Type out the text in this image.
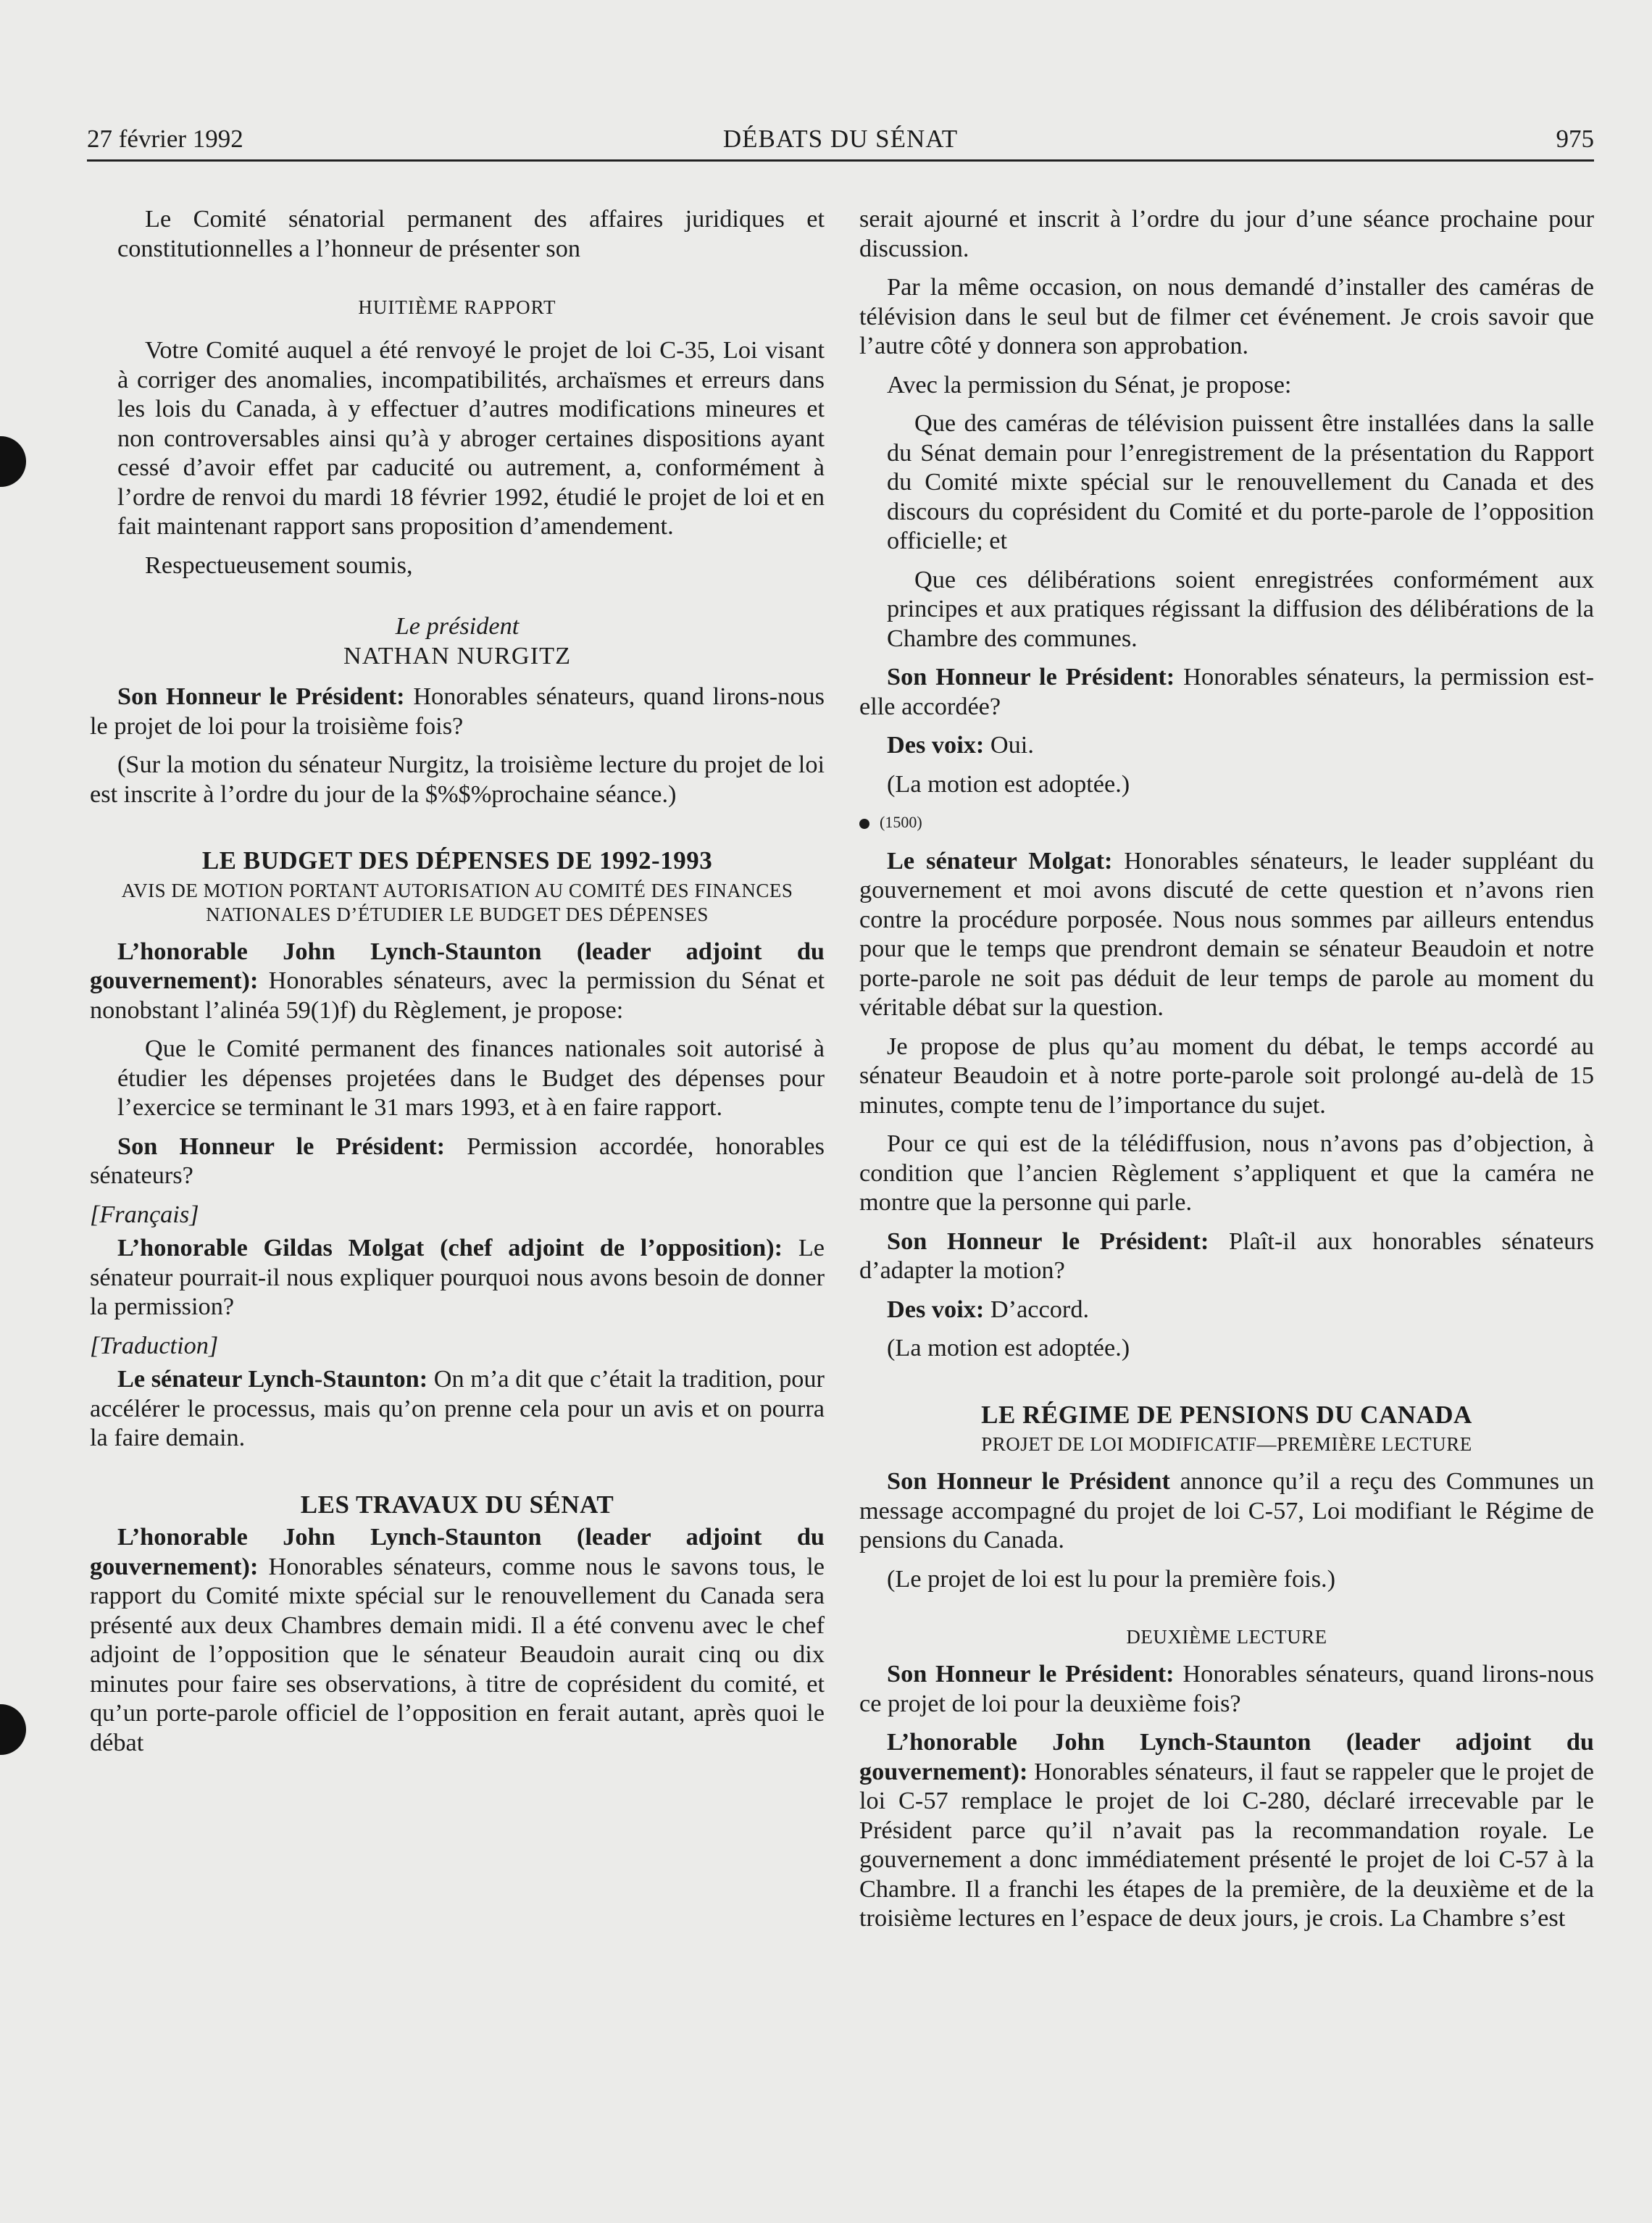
27 février 1992	DÉBATS DU SÉNAT	975

Le Comité sénatorial permanent des affaires juridiques et constitutionnelles a l’honneur de présenter son

HUITIÈME RAPPORT

Votre Comité auquel a été renvoyé le projet de loi C-35, Loi visant à corriger des anomalies, incompatibilités, archaïsmes et erreurs dans les lois du Canada, à y effectuer d’autres modifications mineures et non controversables ainsi qu’à y abroger certaines dispositions ayant cessé d’avoir effet par caducité ou autrement, a, conformément à l’ordre de renvoi du mardi 18 février 1992, étudié le projet de loi et en fait maintenant rapport sans proposition d’amendement.

Respectueusement soumis,

Le président
NATHAN NURGITZ

Son Honneur le Président: Honorables sénateurs, quand lirons-nous le projet de loi pour la troisième fois?

(Sur la motion du sénateur Nurgitz, la troisième lecture du projet de loi est inscrite à l’ordre du jour de la $%$%prochaine séance.)

LE BUDGET DES DÉPENSES DE 1992-1993
AVIS DE MOTION PORTANT AUTORISATION AU COMITÉ DES FINANCES NATIONALES D’ÉTUDIER LE BUDGET DES DÉPENSES

L’honorable John Lynch-Staunton (leader adjoint du gouvernement): Honorables sénateurs, avec la permission du Sénat et nonobstant l’alinéa 59(1)f) du Règlement, je propose:

Que le Comité permanent des finances nationales soit autorisé à étudier les dépenses projetées dans le Budget des dépenses pour l’exercice se terminant le 31 mars 1993, et à en faire rapport.

Son Honneur le Président: Permission accordée, honorables sénateurs?

[Français]

L’honorable Gildas Molgat (chef adjoint de l’opposition): Le sénateur pourrait-il nous expliquer pourquoi nous avons besoin de donner la permission?

[Traduction]

Le sénateur Lynch-Staunton: On m’a dit que c’était la tradition, pour accélérer le processus, mais qu’on prenne cela pour un avis et on pourra la faire demain.

LES TRAVAUX DU SÉNAT

L’honorable John Lynch-Staunton (leader adjoint du gouvernement): Honorables sénateurs, comme nous le savons tous, le rapport du Comité mixte spécial sur le renouvellement du Canada sera présenté aux deux Chambres demain midi. Il a été convenu avec le chef adjoint de l’opposition que le sénateur Beaudoin aurait cinq ou dix minutes pour faire ses observations, à titre de coprésident du comité, et qu’un porte-parole officiel de l’opposition en ferait autant, après quoi le débat

serait ajourné et inscrit à l’ordre du jour d’une séance prochaine pour discussion.

Par la même occasion, on nous demandé d’installer des caméras de télévision dans le seul but de filmer cet événement. Je crois savoir que l’autre côté y donnera son approbation.

Avec la permission du Sénat, je propose:

Que des caméras de télévision puissent être installées dans la salle du Sénat demain pour l’enregistrement de la présentation du Rapport du Comité mixte spécial sur le renouvellement du Canada et des discours du coprésident du Comité et du porte-parole de l’opposition officielle; et

Que ces délibérations soient enregistrées conformément aux principes et aux pratiques régissant la diffusion des délibérations de la Chambre des communes.

Son Honneur le Président: Honorables sénateurs, la permission est-elle accordée?

Des voix: Oui.

(La motion est adoptée.)

(1500)

Le sénateur Molgat: Honorables sénateurs, le leader suppléant du gouvernement et moi avons discuté de cette question et n’avons rien contre la procédure porposée. Nous nous sommes par ailleurs entendus pour que le temps que prendront demain se sénateur Beaudoin et notre porte-parole ne soit pas déduit de leur temps de parole au moment du véritable débat sur la question.

Je propose de plus qu’au moment du débat, le temps accordé au sénateur Beaudoin et à notre porte-parole soit prolongé au-delà de 15 minutes, compte tenu de l’importance du sujet.

Pour ce qui est de la télédiffusion, nous n’avons pas d’objection, à condition que l’ancien Règlement s’appliquent et que la caméra ne montre que la personne qui parle.

Son Honneur le Président: Plaît-il aux honorables sénateurs d’adapter la motion?

Des voix: D’accord.

(La motion est adoptée.)

LE RÉGIME DE PENSIONS DU CANADA
PROJET DE LOI MODIFICATIF—PREMIÈRE LECTURE

Son Honneur le Président annonce qu’il a reçu des Communes un message accompagné du projet de loi C-57, Loi modifiant le Régime de pensions du Canada.

(Le projet de loi est lu pour la première fois.)

DEUXIÈME LECTURE

Son Honneur le Président: Honorables sénateurs, quand lirons-nous ce projet de loi pour la deuxième fois?

L’honorable John Lynch-Staunton (leader adjoint du gouvernement): Honorables sénateurs, il faut se rappeler que le projet de loi C-57 remplace le projet de loi C-280, déclaré irrecevable par le Président parce qu’il n’avait pas la recommandation royale. Le gouvernement a donc immédiatement présenté le projet de loi C-57 à la Chambre. Il a franchi les étapes de la première, de la deuxième et de la troisième lectures en l’espace de deux jours, je crois. La Chambre s’est
